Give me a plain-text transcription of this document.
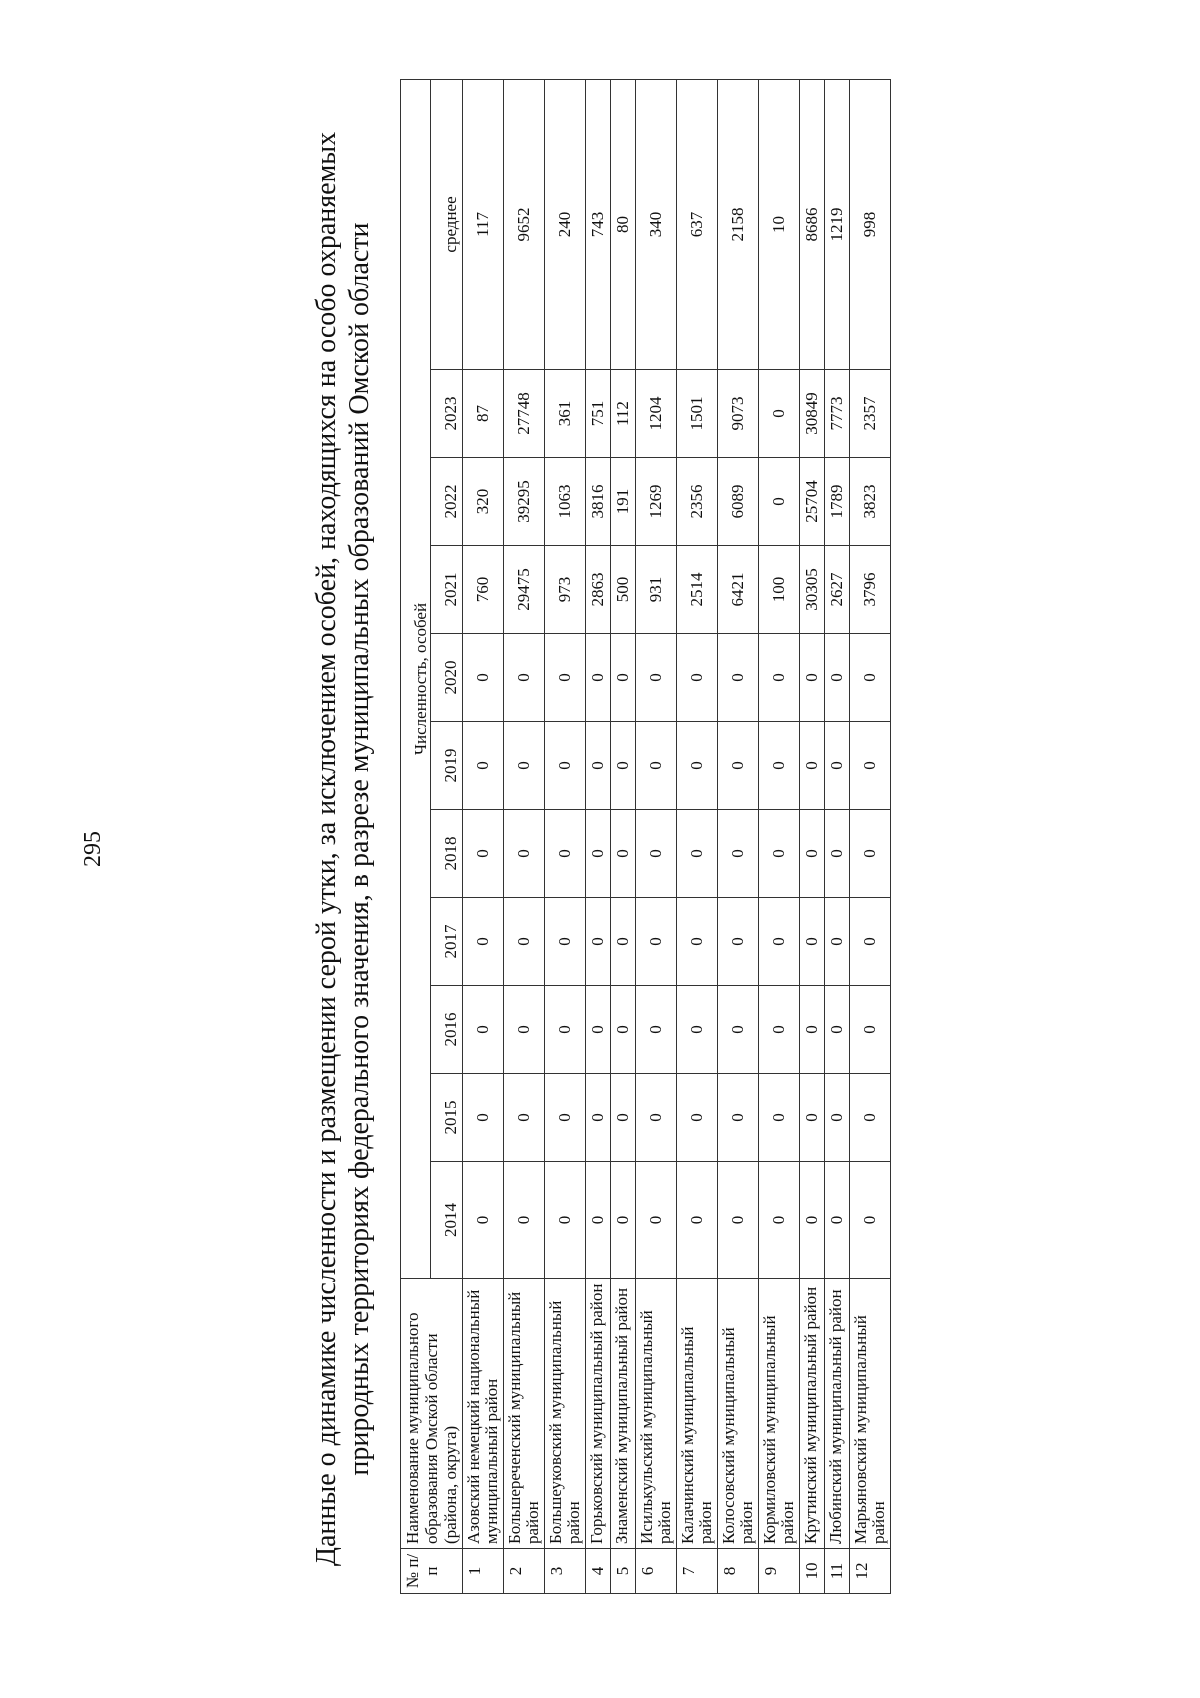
295	Данные о динамике численности и размещении серой утки, за исключением особей, находящихся на особо охраняемых природных территориях федерального значения, в разрезе муниципальных образований Омской области
№ п/п	Наименование муниципального образования Омской области (района, округа)	Численность, особей										
		2014	2015	2016	2017	2018	2019	2020	2021	2022	2023	среднее
1	Азовский немецкий национальный муниципальный район	0	0	0	0	0	0	0	760	320	87	117
2	Большереченский муниципальный район	0	0	0	0	0	0	0	29475	39295	27748	9652
3	Большеуковский муниципальный район	0	0	0	0	0	0	0	973	1063	361	240
4	Горьковский муниципальный район	0	0	0	0	0	0	0	2863	3816	751	743
5	Знаменский муниципальный район	0	0	0	0	0	0	0	500	191	112	80
6	Исилькульский муниципальный район	0	0	0	0	0	0	0	931	1269	1204	340
7	Калачинский муниципальный район	0	0	0	0	0	0	0	2514	2356	1501	637
8	Колосовский муниципальный район	0	0	0	0	0	0	0	6421	6089	9073	2158
9	Кормиловский муниципальный район	0	0	0	0	0	0	0	100	0	0	10
10	Крутинский муниципальный район	0	0	0	0	0	0	0	30305	25704	30849	8686
11	Любинский муниципальный район	0	0	0	0	0	0	0	2627	1789	7773	1219
12	Марьяновский муниципальный район	0	0	0	0	0	0	0	3796	3823	2357	998
